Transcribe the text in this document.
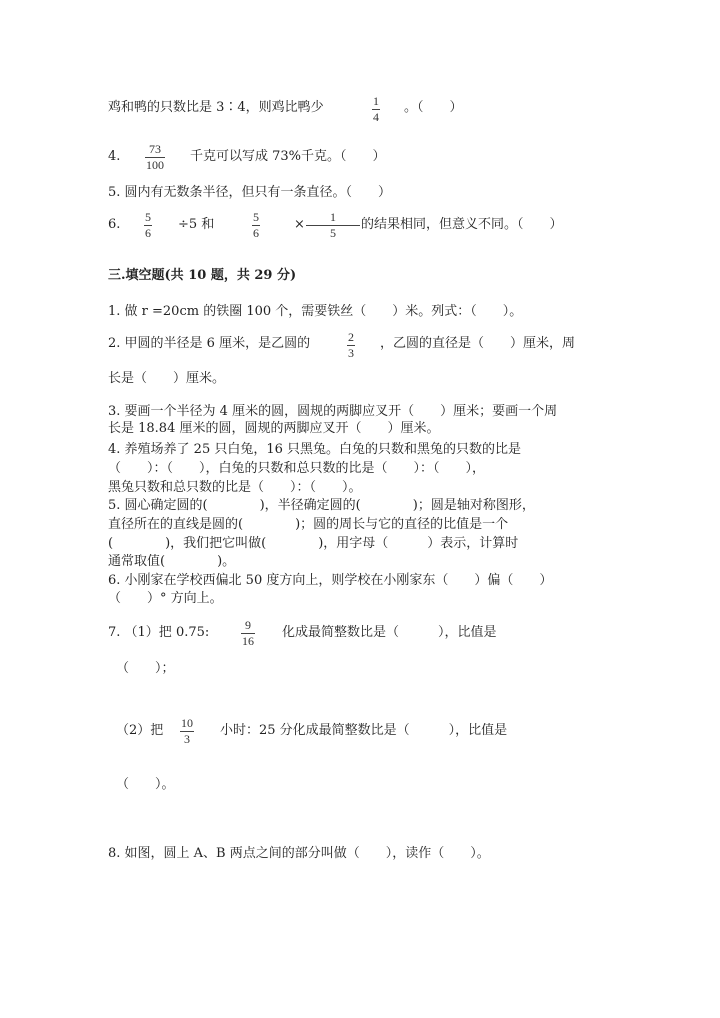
鸡和鸭的只数比是 3∶4，则鸡比鸭少	1
4
。（　　）
4.	73
100
千克可以写成 73%千克。（　　）
5. 圆内有无数条半径，但只有一条直径。（　　）
6. 5
6
÷5 和	5
6
×	1
5
的结果相同，但意义不同。（　　）
三.填空题(共 10 题，共 29 分)
1. 做 r =20cm 的铁圈 100 个，需要铁丝（　　）米。列式：（　　）。
2. 甲圆的半径是 6 厘米，是乙圆的	2
3
，乙圆的直径是（　　）厘米，周
长是（　　）厘米。
3. 要画一个半径为 4 厘米的圆，圆规的两脚应叉开（　　）厘米；要画一个周
长是 18.84 厘米的圆，圆规的两脚应叉开（　　）厘米。
4. 养殖场养了 25 只白兔，16 只黑兔。白兔的只数和黑兔的只数的比是
（　　）：（　　），白兔的只数和总只数的比是（　　）：（　　），
黑兔只数和总只数的比是（　　）：（　　）。
5. 圆心确定圆的(　　　　)，半径确定圆的(　　　　)；圆是轴对称图形，
直径所在的直线是圆的(　　　　)；圆的周长与它的直径的比值是一个
(　　　　)，我们把它叫做(　　　　)，用字母（　　　）表示，计算时
通常取值(　　　　)。
6. 小刚家在学校西偏北 50 度方向上，则学校在小刚家东（　　）偏（　　）
（　　）° 方向上。
7. （1）把 0.75:	9
16
化成最简整数比是（　　　），比值是
（　　）；
（2）把 10
3
小时：25 分化成最简整数比是（　　　），比值是
（　　）。
8. 如图，圆上 A、B 两点之间的部分叫做（　　），读作（　　）。
